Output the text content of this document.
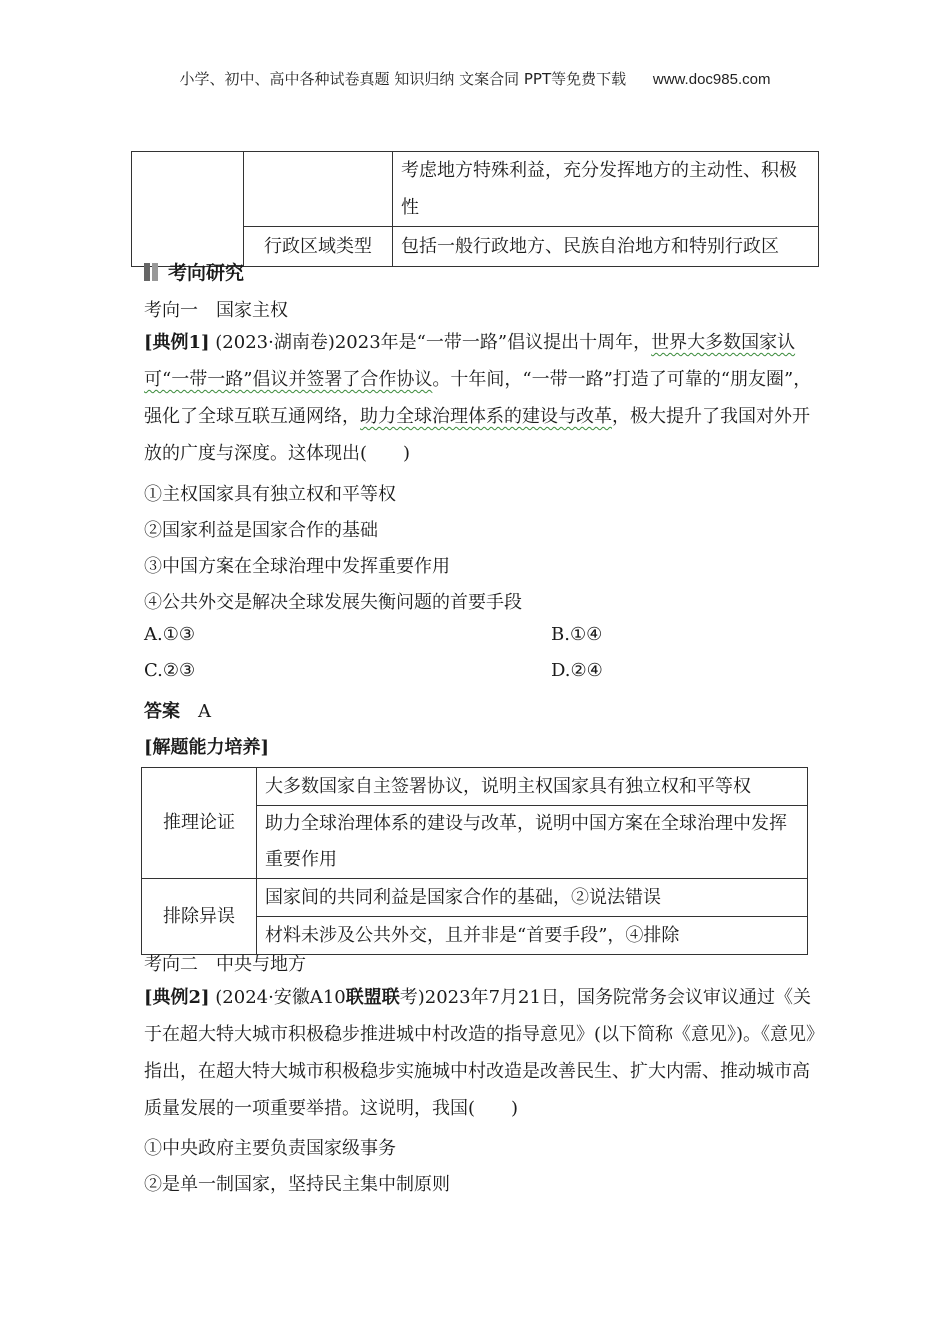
小学、初中、高中各种试卷真题 知识归纳 文案合同 PPT等免费下载 www.doc985.com
		考虑地方特殊利益，充分发挥地方的主动性、积极性
	行政区域类型	包括一般行政地方、民族自治地方和特别行政区
考向研究
考向一　国家主权
[典例1] (2023·湖南卷)2023年是“一带一路”倡议提出十周年，世界大多数国家认可“一带一路”倡议并签署了合作协议。十年间，“一带一路”打造了可靠的“朋友圈”，强化了全球互联互通网络，助力全球治理体系的建设与改革，极大提升了我国对外开放的广度与深度。这体现出(　　)
①主权国家具有独立权和平等权
②国家利益是国家合作的基础
③中国方案在全球治理中发挥重要作用
④公共外交是解决全球发展失衡问题的首要手段
A.①③	B.①④
C.②③	D.②④
答案 A
[解题能力培养]
推理论证	大多数国家自主签署协议，说明主权国家具有独立权和平等权
	助力全球治理体系的建设与改革，说明中国方案在全球治理中发挥重要作用

排除异误	国家间的共同利益是国家合作的基础，②说法错误
	材料未涉及公共外交，且并非是“首要手段”，④排除
考向二　中央与地方
[典例2] (2024·安徽A10联盟联考)2023年7月21日，国务院常务会议审议通过《关于在超大特大城市积极稳步推进城中村改造的指导意见》(以下简称《意见》)。《意见》指出，在超大特大城市积极稳步实施城中村改造是改善民生、扩大内需、推动城市高质量发展的一项重要举措。这说明，我国(　　)
①中央政府主要负责国家级事务
②是单一制国家，坚持民主集中制原则
